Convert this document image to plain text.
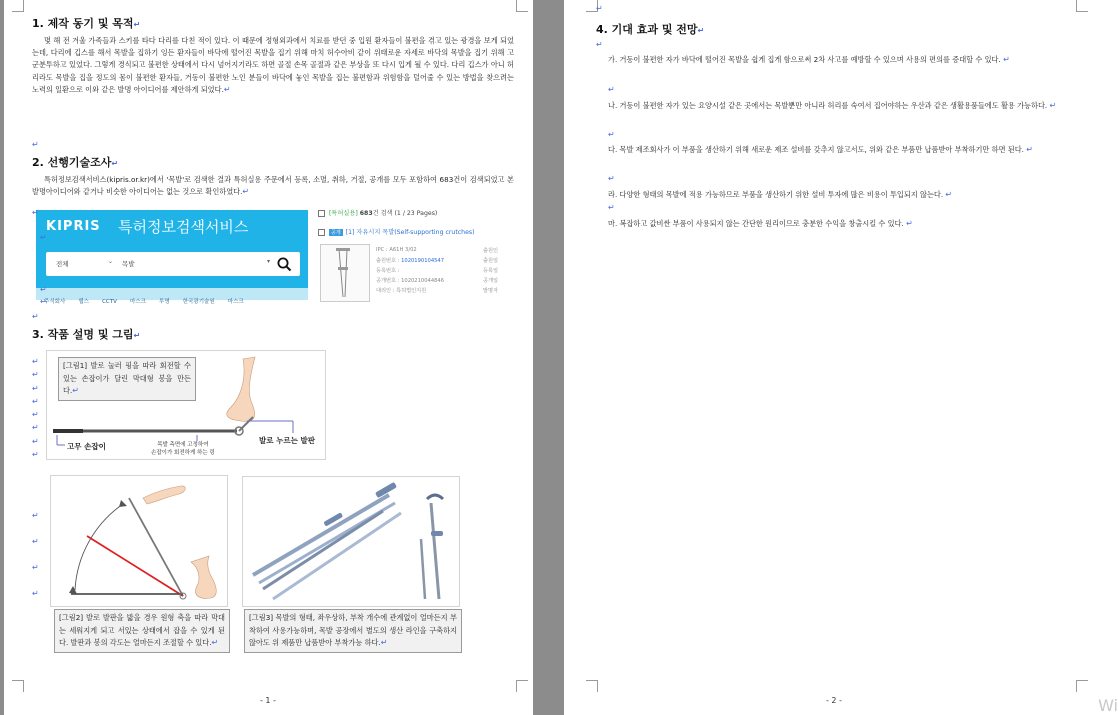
1. 제작 동기 및 목적↵
몇 해 전 겨울 가족들과 스키를 타다 다리를 다친 적이 있다. 이 때문에 정형외과에서 치료를 받던 중 입원 환자들이 불편을 겪고 있는 광경을 보게 되었는데, 다리에 깁스를 해서 목발을 집하기 잉든 환자들이 바닥에 떨어진 목발을 집기 위해 마치 허수아비 같이 위태로운 자세로 바닥의 목발을 집기 위해 고군분투하고 있었다. 그렇게 경식되고 불편한 상태에서 다시 넘어지기라도 하면 골절 손목 골절과 같은 부상을 또 다시 입게 될 수 있다. 다리 깁스가 아니 허리라도 목발을 집을 정도의 몸이 불편한 환자들, 거동이 불편한 노인 분들이 바닥에 놓인 목발을 집는 불편함과 위험함을 덜어줄 수 있는 방법을 찾으려는 노력의 일환으로 이와 같은 발명 아이디어를 제안하게 되었다.↵
↵
2. 선행기술조사↵
특허정보검색서비스(kipris.or.kr)에서 '목발'로 검색한 결과 특허실용 주문에서 등록, 소멸, 취하, 거절, 공개를 모두 포함하여 683건이 검색되었고 본 발명아이디어와 같거나 비슷한 아이디어는 없는 것으로 확인하였다.↵
KIPRIS 특허정보검색서비스
전체	⌄ 목발	▾
주식회사 웹스 CCTV 마스크 투명 한국광기술원 마스크
↵
↵
↵
↵
↵
[특허실용] 683건 검색 (1 / 23 Pages)
공개 [1] 자유시지 목발(Self-supporting crutches)
IPC : A61H 3/02
출원번호 : 1020190104547
등록번호 :
공개번호 : 1020210044846
대리인 : 특허법인지원
출원인
출원일
등록일
공개일
발명자
3. 작품 설명 및 그림↵
↵
↵
↵
↵
↵
↵
↵
↵
고무 손잡이
발로 누르는 발판
목발 측면에 고정하여
손잡이가 회전하게 하는 링
[그림1] 발로 눌러 핑을 따라 회전할 수 있는 손잡이가 달린 막대형 봉을 만든다.↵
↵
↵
↵
↵
[그림2] 발로 발판을 밟을 경우 원형 축을 따라 막대는 세워지게 되고 서있는 상태에서 잡을 수 있게 된다. 발판과 봉의 각도는 얼마든지 조절할 수 있다.↵
[그림3] 목발의 형태, 좌우상하, 부착 개수에 관계없이 얼마든지 부착하여 사용가능하며, 목발 공장에서 별도의 생산 라인을 구축하지 않아도 위 제품만 납품받아 부착가능 하다.↵
- 1 -
↵
4. 기대 효과 및 전망↵
↵
가. 거동이 불편한 자가 바닥에 떨어진 목발을 쉽게 집게 함으로써 2차 사고를 예방할 수 있으며 사용의 편의를 증대할 수 있다. ↵
↵
나. 거동이 불편한 자가 있는 요양시설 같은 곳에서는 목발뿐만 아니라 허리를 숙여서 집어야하는 우산과 같은 생활용품들에도 활용 가능하다. ↵
↵
다. 목발 제조회사가 이 부품을 생산하기 위해 새로운 제조 설비를 갖추지 않고서도, 위와 같은 부품만 납품받아 부착하기만 하면 된다. ↵
↵
라. 다양한 형태의 목발에 적용 가능하므로 부품을 생산하기 위한 설비 투자에 많은 비용이 투입되지 않는다. ↵
↵
마. 복잡하고 값비싼 부품이 사용되지 않는 간단한 원리이므로 충분한 수익을 창출시킬 수 있다. ↵
- 2 -	Wi
